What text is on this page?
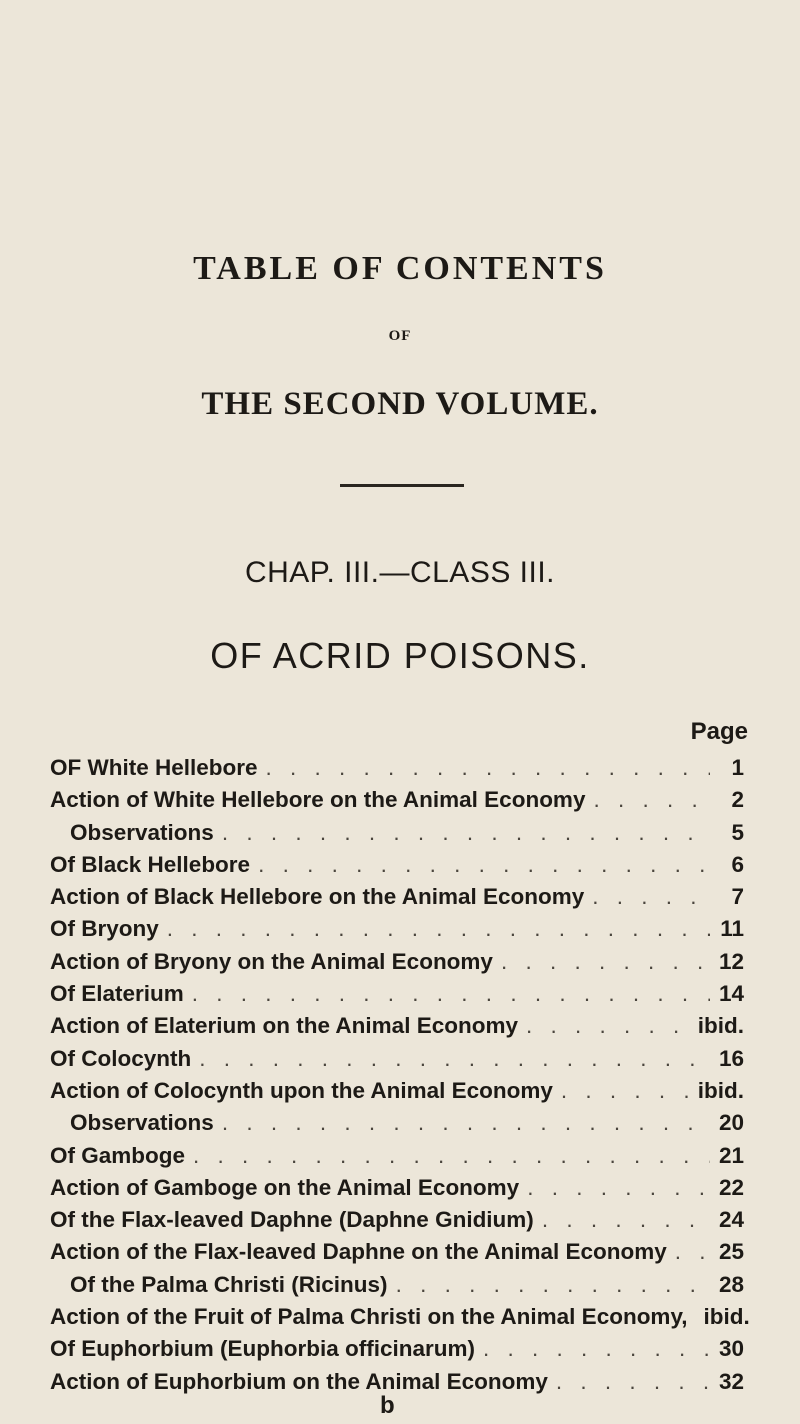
TABLE OF CONTENTS
OF
THE SECOND VOLUME.
CHAP. III.—CLASS III.
OF ACRID POISONS.
Page
OF White Hellebore . . .	1
Action of White Hellebore on the Animal Economy . . .	2
Observations . . .	5
Of Black Hellebore . . .	6
Action of Black Hellebore on the Animal Economy . . .	7
Of Bryony . . .	11
Action of Bryony on the Animal Economy . . .	12
Of Elaterium . . .	14
Action of Elaterium on the Animal Economy . . .	ibid.
Of Colocynth . . .	16
Action of Colocynth upon the Animal Economy . . .	ibid.
Observations . . .	20
Of Gamboge . . .	21
Action of Gamboge on the Animal Economy . . .	22
Of the Flax-leaved Daphne (Daphne Gnidium) . . .	24
Action of the Flax-leaved Daphne on the Animal Economy . . . 25
Of the Palma Christi (Ricinus) . . .	28
Action of the Fruit of Palma Christi on the Animal Economy, ibid.
Of Euphorbium (Euphorbia officinarum) . . .	30
Action of Euphorbium on the Animal Economy . . .	32
b
